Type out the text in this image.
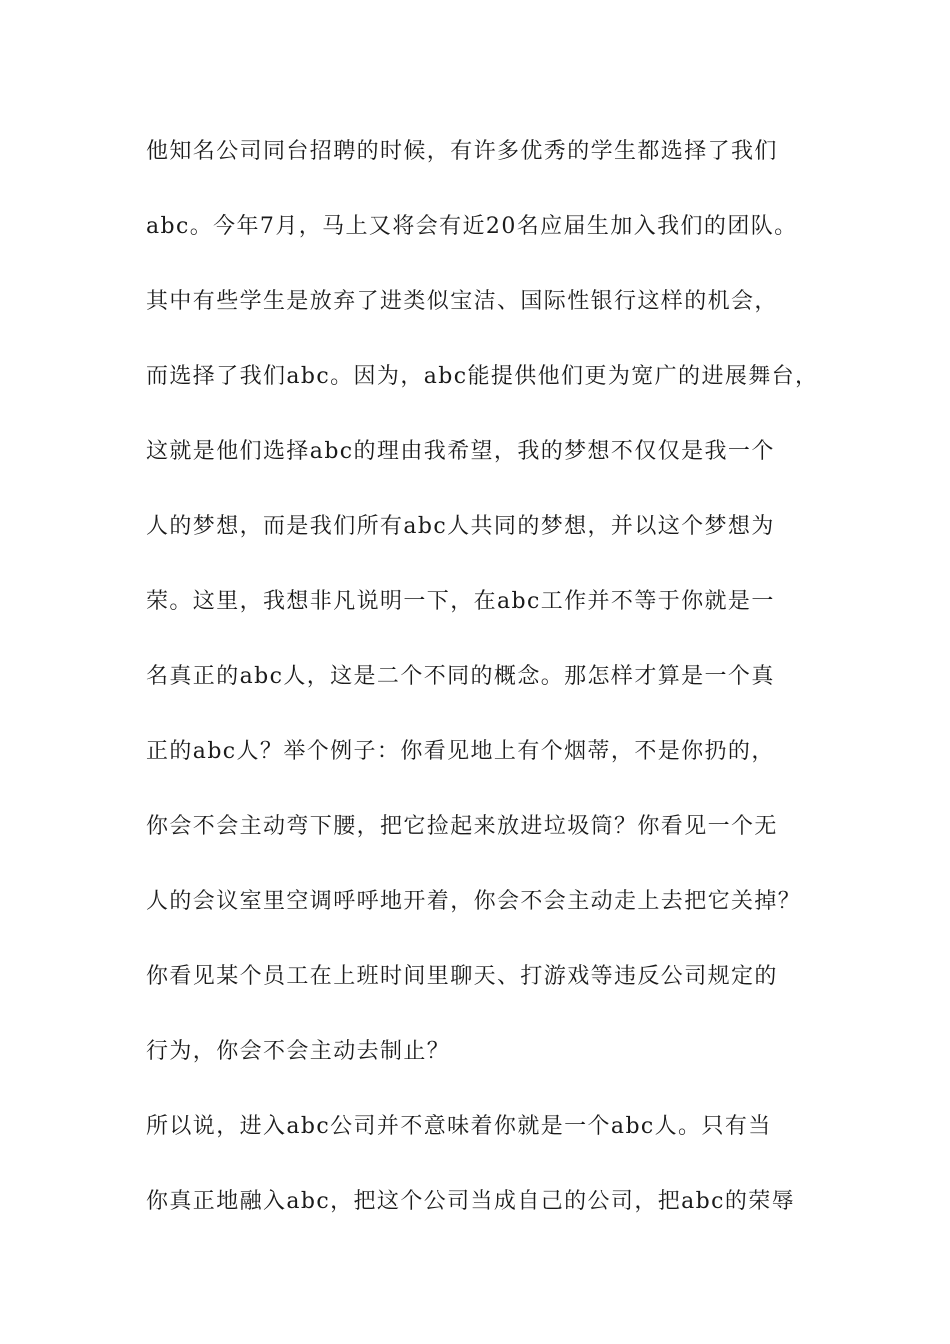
他知名公司同台招聘的时候，有许多优秀的学生都选择了我们
abc。今年7月，马上又将会有近20名应届生加入我们的团队。
其中有些学生是放弃了进类似宝洁、国际性银行这样的机会，
而选择了我们abc。因为，abc能提供他们更为宽广的进展舞台，
这就是他们选择abc的理由我希望，我的梦想不仅仅是我一个
人的梦想，而是我们所有abc人共同的梦想，并以这个梦想为
荣。这里，我想非凡说明一下，在abc工作并不等于你就是一
名真正的abc人，这是二个不同的概念。那怎样才算是一个真
正的abc人？举个例子：你看见地上有个烟蒂，不是你扔的，
你会不会主动弯下腰，把它捡起来放进垃圾筒？你看见一个无
人的会议室里空调呼呼地开着，你会不会主动走上去把它关掉？
你看见某个员工在上班时间里聊天、打游戏等违反公司规定的
行为，你会不会主动去制止？
所以说，进入abc公司并不意味着你就是一个abc人。只有当
你真正地融入abc，把这个公司当成自己的公司，把abc的荣辱
